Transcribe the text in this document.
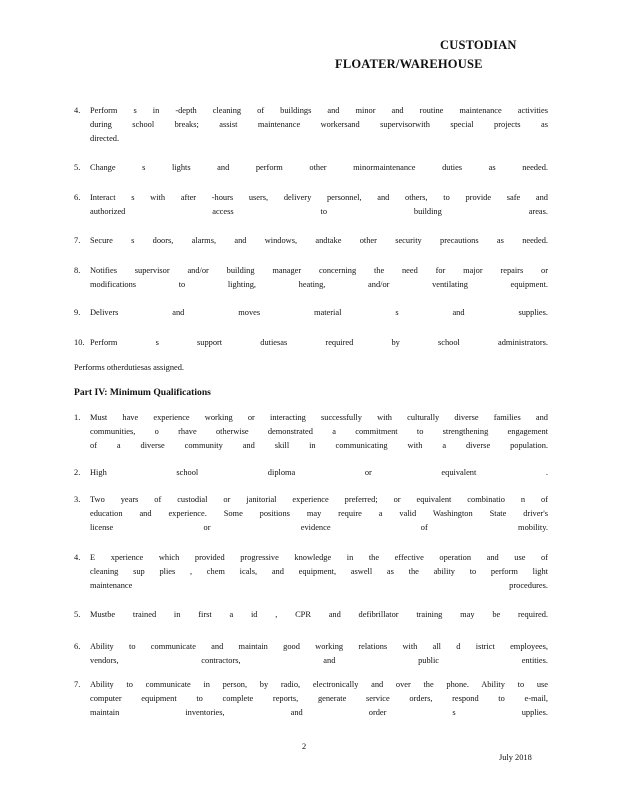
CUSTODIAN
FLOATER/WAREHOUSE
4. Perform s in -depth cleaning of buildings and minor and routine maintenance activities
during school breaks; assist maintenance workersand supervisorwith special projects as
directed.
5. Change s lights and perform other minormaintenance duties as needed.
6. Interact s with after -hours users, delivery personnel, and others, to provide safe and
authorized access to building areas.
7. Secure s doors, alarms, and windows, andtake other security precautions as needed.
8. Notifies supervisor and/or building manager concerning the need for major repairs or
modifications to lighting, heating, and/or ventilating equipment.
9. Delivers and moves material s and supplies.
10. Perform s support dutiesas required by school administrators.
Performs otherdutiesas assigned.
Part IV: Minimum Qualifications
1. Must have experience working or interacting successfully with culturally diverse families and
communities, o rhave otherwise demonstrated a commitment to strengthening engagement
of a diverse community and skill in communicating with a diverse population.
2. High school diploma or equivalent .
3. Two years of custodial or janitorial experience preferred; or equivalent combinatio n of
education and experience. Some positions may require a valid Washington State driver's
license or evidence of mobility.
4. E xperience which provided progressive knowledge in the effective operation and use of
cleaning sup plies , chem icals, and equipment, aswell as the ability to perform light
maintenance procedures.
5. Mustbe trained in first a id , CPR and defibrillator training may be required.
6. Ability to communicate and maintain good working relations with all d istrict employees,
vendors, contractors, and public entities.
7. Ability to communicate in person, by radio, electronically and over the phone. Ability to use
computer equipment to complete reports, generate service orders, respond to e-mail,
maintain inventories, and order s upplies.
2
July 2018
